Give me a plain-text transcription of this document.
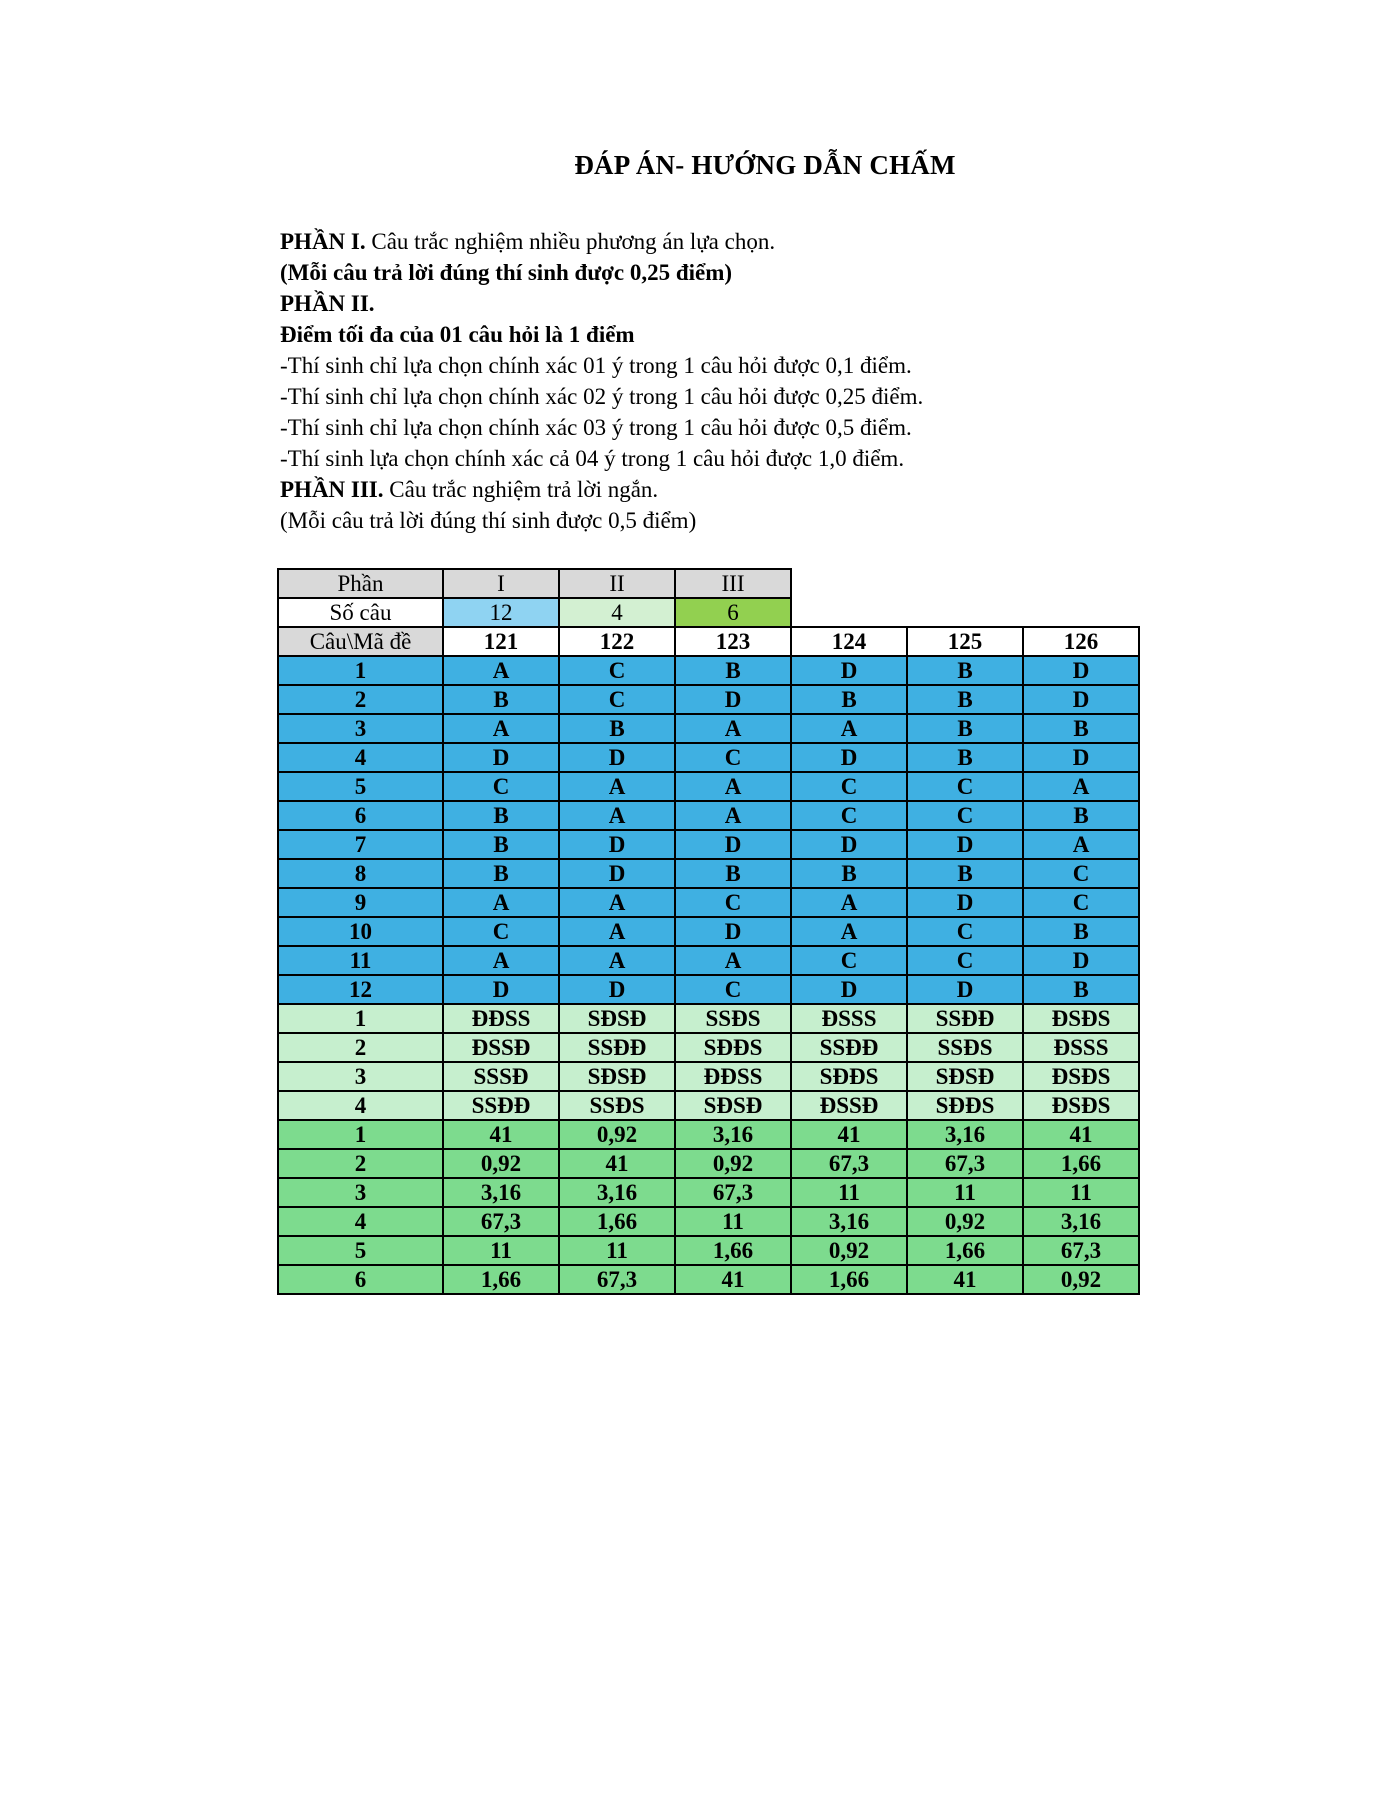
ĐÁP ÁN- HƯỚNG DẪN CHẤM

PHẦN I. Câu trắc nghiệm nhiều phương án lựa chọn.

(Mỗi câu trả lời đúng thí sinh được 0,25 điểm)

PHẦN II.

Điểm tối đa của 01 câu hỏi là 1 điểm

-Thí sinh chỉ lựa chọn chính xác 01 ý trong 1 câu hỏi được 0,1 điểm.

-Thí sinh chỉ lựa chọn chính xác 02 ý trong 1 câu hỏi được 0,25 điểm.

-Thí sinh chỉ lựa chọn chính xác 03 ý trong 1 câu hỏi được 0,5 điểm.

-Thí sinh lựa chọn chính xác cả 04 ý trong 1 câu hỏi được 1,0 điểm.

PHẦN III. Câu trắc nghiệm trả lời ngắn.

(Mỗi câu trả lời đúng thí sinh được 0,5 điểm)

Phần	I	II	III			
Số câu	12	4	6			
Câu\Mã đề	121	122	123	124	125	126
1	A	C	B	D	B	D
2	B	C	D	B	B	D
3	A	B	A	A	B	B
4	D	D	C	D	B	D
5	C	A	A	C	C	A
6	B	A	A	C	C	B
7	B	D	D	D	D	A
8	B	D	B	B	B	C
9	A	A	C	A	D	C
10	C	A	D	A	C	B
11	A	A	A	C	C	D
12	D	D	C	D	D	B
1	ĐĐSS	SĐSĐ	SSĐS	ĐSSS	SSĐĐ	ĐSĐS
2	ĐSSĐ	SSĐĐ	SĐĐS	SSĐĐ	SSĐS	ĐSSS
3	SSSĐ	SĐSĐ	ĐĐSS	SĐĐS	SĐSĐ	ĐSĐS
4	SSĐĐ	SSĐS	SĐSĐ	ĐSSĐ	SĐĐS	ĐSĐS
1	41	0,92	3,16	41	3,16	41
2	0,92	41	0,92	67,3	67,3	1,66
3	3,16	3,16	67,3	11	11	11
4	67,3	1,66	11	3,16	0,92	3,16
5	11	11	1,66	0,92	1,66	67,3
6	1,66	67,3	41	1,66	41	0,92
